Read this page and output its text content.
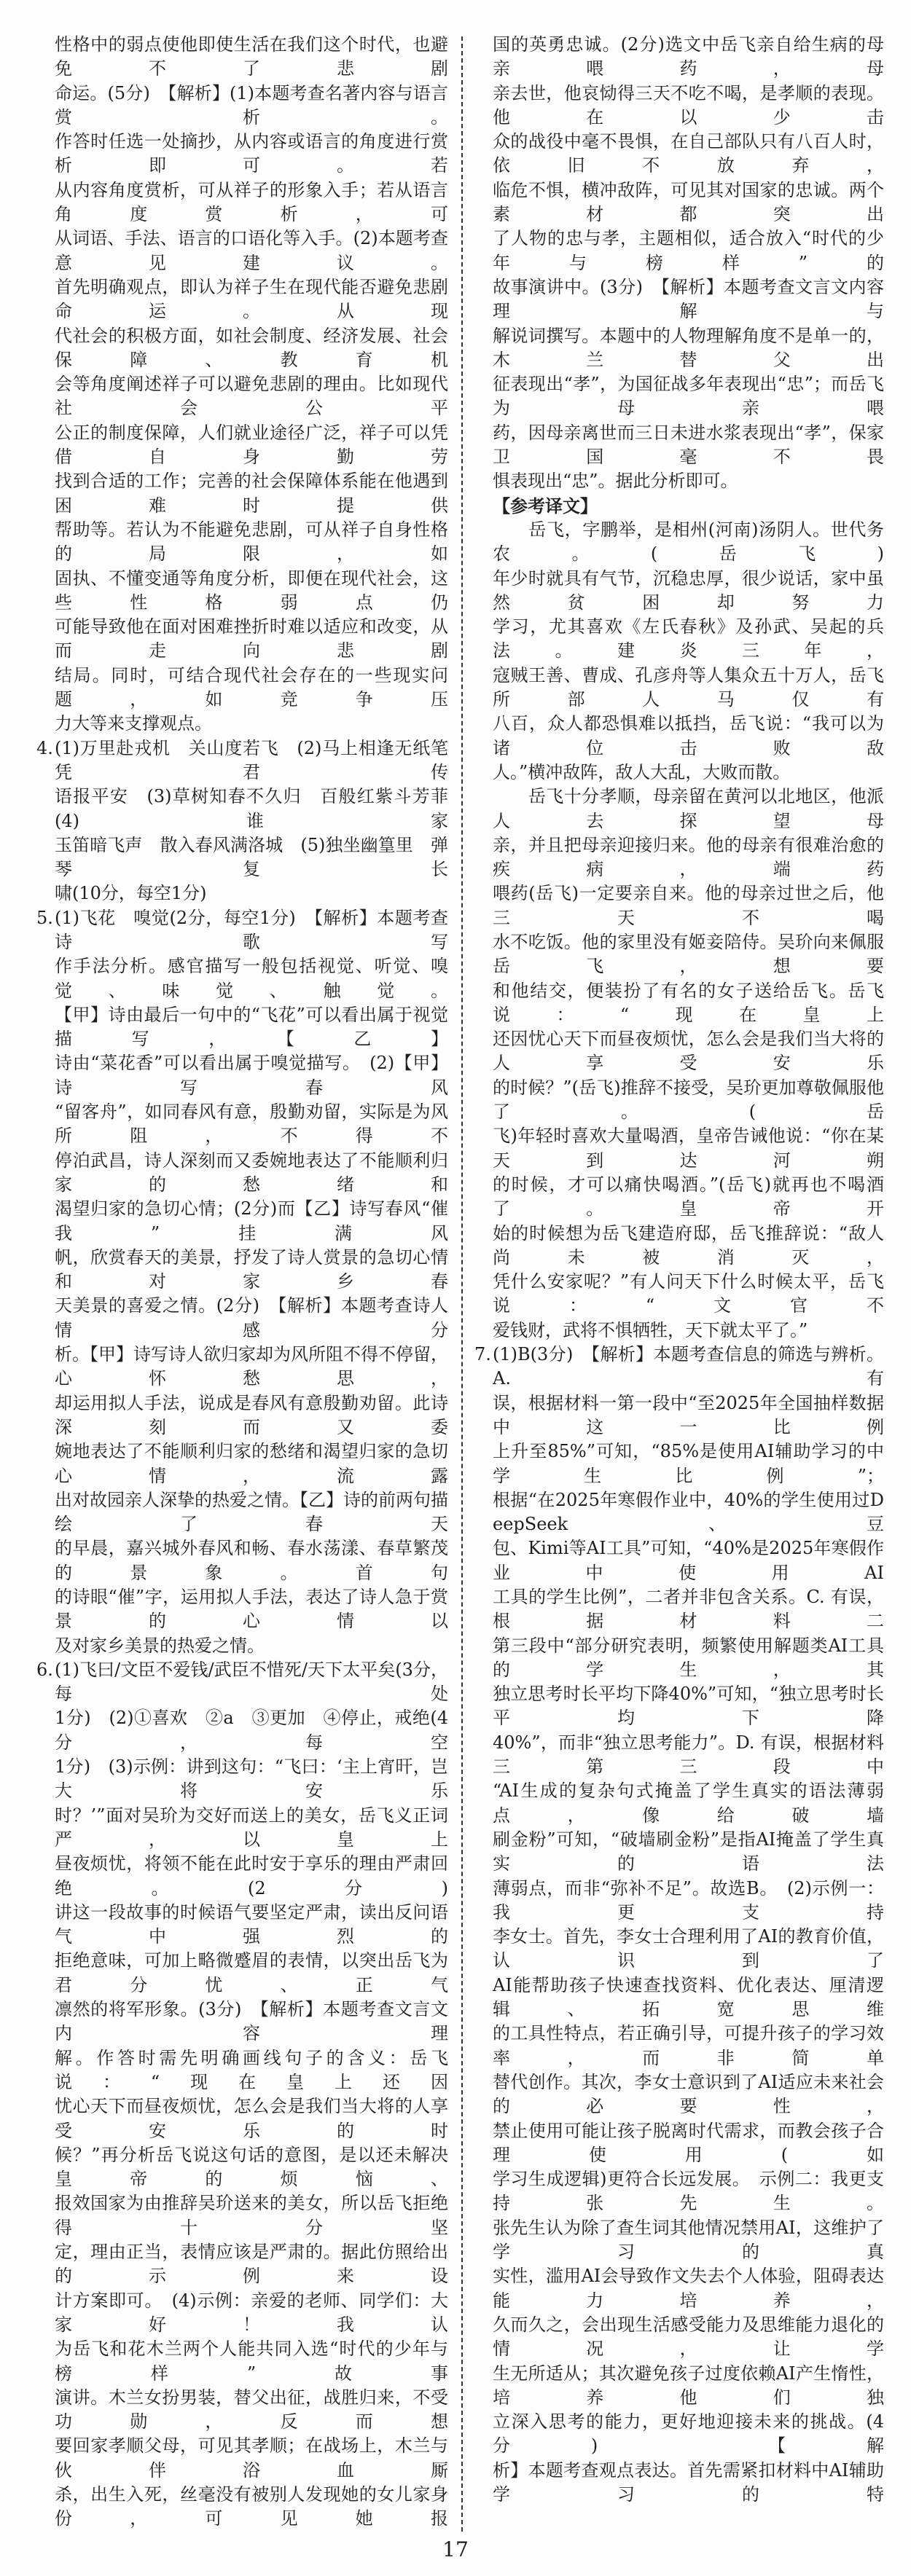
性格中的弱点使他即使生活在我们这个时代，也避免不了悲剧
命运。(5分)　【解析】(1)本题考查名著内容与语言赏析。
作答时任选一处摘抄，从内容或语言的角度进行赏析即可。若
从内容角度赏析，可从祥子的形象入手；若从语言角度赏析，可
从词语、手法、语言的口语化等入手。(2)本题考查意见建议。
首先明确观点，即认为祥子生在现代能否避免悲剧命运。从现
代社会的积极方面，如社会制度、经济发展、社会保障、教育机
会等角度阐述祥子可以避免悲剧的理由。比如现代社会公平
公正的制度保障，人们就业途径广泛，祥子可以凭借自身勤劳
找到合适的工作；完善的社会保障体系能在他遇到困难时提供
帮助等。若认为不能避免悲剧，可从祥子自身性格的局限，如
固执、不懂变通等角度分析，即便在现代社会，这些性格弱点仍
可能导致他在面对困难挫折时难以适应和改变，从而走向悲剧
结局。同时，可结合现代社会存在的一些现实问题，如竞争压
力大等来支撑观点。
4. (1)万里赴戎机　关山度若飞　(2)马上相逢无纸笔　凭君传
语报平安　(3)草树知春不久归　百般红紫斗芳菲　(4)谁家
玉笛暗飞声　散入春风满洛城　(5)独坐幽篁里　弹琴复长
啸(10分，每空1分)
5. (1)飞花　嗅觉(2分，每空1分)　【解析】本题考查诗歌写
作手法分析。感官描写一般包括视觉、听觉、嗅觉、味觉、触觉。
【甲】诗由最后一句中的“飞花”可以看出属于视觉描写，【乙】
诗由“菜花香”可以看出属于嗅觉描写。　(2)【甲】诗写春风
“留客舟”，如同春风有意，殷勤劝留，实际是为风所阻，不得不
停泊武昌，诗人深刻而又委婉地表达了不能顺利归家的愁绪和
渴望归家的急切心情；(2分)而【乙】诗写春风“催我”挂满风
帆，欣赏春天的美景，抒发了诗人赏景的急切心情和对家乡春
天美景的喜爱之情。(2分)　【解析】本题考查诗人情感分
析。【甲】诗写诗人欲归家却为风所阻不得不停留，心怀愁思，
却运用拟人手法，说成是春风有意殷勤劝留。此诗深刻而又委
婉地表达了不能顺利归家的愁绪和渴望归家的急切心情，流露
出对故园亲人深挚的热爱之情。【乙】诗的前两句描绘了春天
的早晨，嘉兴城外春风和畅、春水荡漾、春草繁茂的景象。首句
的诗眼“催”字，运用拟人手法，表达了诗人急于赏景的心情以
及对家乡美景的热爱之情。
6. (1)飞曰/文臣不爱钱/武臣不惜死/天下太平矣(3分，每处
1分)　(2)①喜欢　②a　③更加　④停止，戒绝(4分，每空
1分)　(3)示例：讲到这句：“飞曰：‘主上宵旰，岂大将安乐
时？’”面对吴玠为交好而送上的美女，岳飞义正词严，以皇上
昼夜烦忧，将领不能在此时安于享乐的理由严肃回绝。(2分)
讲这一段故事的时候语气要坚定严肃，读出反问语气中强烈的
拒绝意味，可加上略微蹙眉的表情，以突出岳飞为君分忧、正气
凛然的将军形象。(3分)　【解析】本题考查文言文内容理
解。作答时需先明确画线句子的含义：岳飞说：“现在皇上还因
忧心天下而昼夜烦忧，怎么会是我们当大将的人享受安乐的时
候？”再分析岳飞说这句话的意图，是以还未解决皇帝的烦恼、
报效国家为由推辞吴玠送来的美女，所以岳飞拒绝得十分坚
定，理由正当，表情应该是严肃的。据此仿照给出的示例来设
计方案即可。　(4)示例：亲爱的老师、同学们：大家好！我认
为岳飞和花木兰两个人能共同入选“时代的少年与榜样”故事
演讲。木兰女扮男装，替父出征，战胜归来，不受功勋，反而想
要回家孝顺父母，可见其孝顺；在战场上，木兰与伙伴浴血厮
杀，出生入死，丝毫没有被别人发现她的女儿家身份，可见她报
国的英勇忠诚。(2分)选文中岳飞亲自给生病的母亲喂药，母
亲去世，他哀恸得三天不吃不喝，是孝顺的表现。他在以少击
众的战役中毫不畏惧，在自己部队只有八百人时，依旧不放弃，
临危不惧，横冲敌阵，可见其对国家的忠诚。两个素材都突出
了人物的忠与孝，主题相似，适合放入“时代的少年与榜样”的
故事演讲中。(3分)　【解析】本题考查文言文内容理解与
解说词撰写。本题中的人物理解角度不是单一的，木兰替父出
征表现出“孝”，为国征战多年表现出“忠”；而岳飞为母亲喂
药，因母亲离世而三日未进水浆表现出“孝”，保家卫国毫不畏
惧表现出“忠”。据此分析即可。
【参考译文】
　　岳飞，字鹏举，是相州(河南)汤阴人。世代务农。(岳飞)
年少时就具有气节，沉稳忠厚，很少说话，家中虽然贫困却努力
学习，尤其喜欢《左氏春秋》及孙武、吴起的兵法。建炎三年，
寇贼王善、曹成、孔彦舟等人集众五十万人，岳飞所部人马仅有
八百，众人都恐惧难以抵挡，岳飞说：“我可以为诸位击败敌
人。”横冲敌阵，敌人大乱，大败而散。
　　岳飞十分孝顺，母亲留在黄河以北地区，他派人去探望母
亲，并且把母亲迎接归来。他的母亲有很难治愈的疾病，端药
喂药(岳飞)一定要亲自来。他的母亲过世之后，他三天不喝
水不吃饭。他的家里没有姬妾陪侍。吴玠向来佩服岳飞，想要
和他结交，便装扮了有名的女子送给岳飞。岳飞说：“现在皇上
还因忧心天下而昼夜烦忧，怎么会是我们当大将的人享受安乐
的时候？”(岳飞)推辞不接受，吴玠更加尊敬佩服他了。(岳
飞)年轻时喜欢大量喝酒，皇帝告诫他说：“你在某天到达河朔
的时候，才可以痛快喝酒。”(岳飞)就再也不喝酒了。皇帝开
始的时候想为岳飞建造府邸，岳飞推辞说：“敌人尚未被消灭，
凭什么安家呢？”有人问天下什么时候太平，岳飞说：“文官不
爱钱财，武将不惧牺牲，天下就太平了。”
7. (1)B(3分)　【解析】本题考查信息的筛选与辨析。A. 有
误，根据材料一第一段中“至2025年全国抽样数据中这一比例
上升至85%”可知，“85%是使用AI辅助学习的中学生比例”；
根据“在2025年寒假作业中，40%的学生使用过DeepSeek、豆
包、Kimi等AI工具”可知，“40%是2025年寒假作业中使用AI
工具的学生比例”，二者并非包含关系。C. 有误，根据材料二
第三段中“部分研究表明，频繁使用解题类AI工具的学生，其
独立思考时长平均下降40%”可知，“独立思考时长平均下降
40%”，而非“独立思考能力”。D. 有误，根据材料三第三段中
“AI生成的复杂句式掩盖了学生真实的语法薄弱点，像给破墙
刷金粉”可知，“破墙刷金粉”是指AI掩盖了学生真实的语法
薄弱点，而非“弥补不足”。故选B。　(2)示例一：我更支持
李女士。首先，李女士合理利用了AI的教育价值，认识到了
AI能帮助孩子快速查找资料、优化表达、厘清逻辑、拓宽思维
的工具性特点，若正确引导，可提升孩子的学习效率，而非简单
替代创作。其次，李女士意识到了AI适应未来社会的必要性，
禁止使用可能让孩子脱离时代需求，而教会孩子合理使用(如
学习生成逻辑)更符合长远发展。　示例二：我更支持张先生。
张先生认为除了查生词其他情况禁用AI，这维护了学习的真
实性，滥用AI会导致作文失去个人体验，阻碍表达能力培养，
久而久之，会出现生活感受能力及思维能力退化的情况，让学
生无所适从；其次避免孩子过度依赖AI产生惰性，培养他们独
立深入思考的能力，更好地迎接未来的挑战。(4分)　【解
析】本题考查观点表达。首先需紧扣材料中AI辅助学习的特
17
